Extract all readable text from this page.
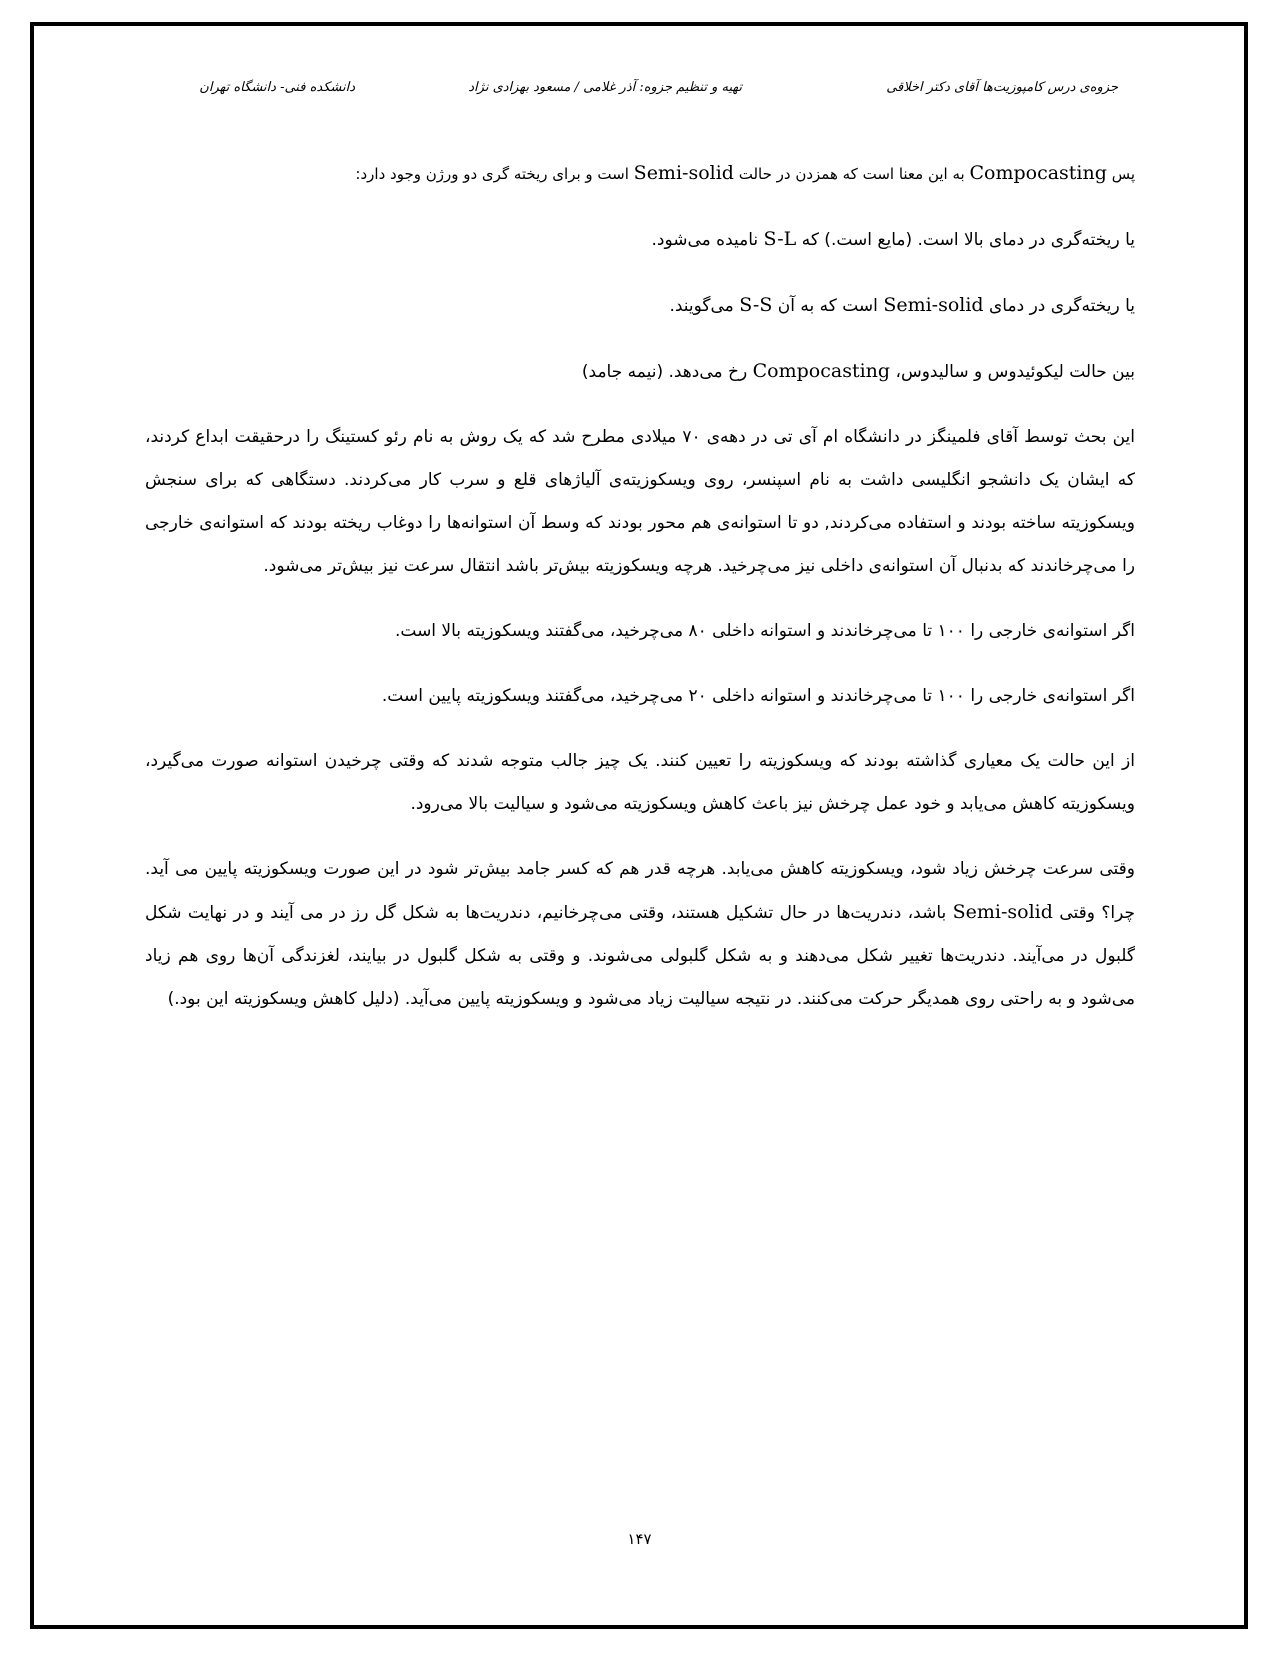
جزوه‌ی درس کامپوزیت‌ها آقای دکتر اخلاقی
تهیه و تنظیم جزوه: آذر غلامی / مسعود بهزادی نژاد
دانشکده فنی- دانشگاه تهران

پس Compocasting به این معنا است که همزدن در حالت Semi-solid است و برای ریخته گری دو ورژن وجود دارد:

یا ریخته‌گری در دمای بالا است. (مایع است.) که S-L نامیده می‌شود.

یا ریخته‌گری در دمای Semi-solid است که به آن S-S می‌گویند.

بین حالت لیکوئیدوس و سالیدوس، Compocasting رخ می‌دهد. (نیمه جامد)

این بحث توسط آقای فلمینگز در دانشگاه ام آی تی در دهه‌ی ۷۰ میلادی مطرح شد که یک روش به نام رئو کستینگ را درحقیقت ابداع کردند، که ایشان یک دانشجو انگلیسی داشت به نام اسپنسر، روی ویسکوزیته‌ی آلیاژهای قلع و سرب کار می‌کردند. دستگاهی که برای سنجش ویسکوزیته ساخته بودند و استفاده می‌کردند, دو تا استوانه‌ی هم محور بودند که وسط آن استوانه‌ها را دوغاب ریخته بودند که استوانه‌ی خارجی را می‌چرخاندند که بدنبال آن استوانه‌ی داخلی نیز می‌چرخید. هرچه ویسکوزیته بیش‌تر باشد انتقال سرعت نیز بیش‌تر می‌شود.

اگر استوانه‌ی خارجی را ۱۰۰ تا می‌چرخاندند و استوانه داخلی ۸۰ می‌چرخید، می‌گفتند ویسکوزیته بالا است.

اگر استوانه‌ی خارجی را ۱۰۰ تا می‌چرخاندند و استوانه داخلی ۲۰ می‌چرخید، می‌گفتند ویسکوزیته پایین است.

از این حالت یک معیاری گذاشته بودند که ویسکوزیته را تعیین کنند. یک چیز جالب متوجه شدند که وقتی چرخیدن استوانه صورت می‌گیرد، ویسکوزیته کاهش می‌یابد و خود عمل چرخش نیز باعث کاهش ویسکوزیته می‌شود و سیالیت بالا می‌رود.

وقتی سرعت چرخش زیاد شود، ویسکوزیته کاهش می‌یابد. هرچه قدر هم که کسر جامد بیش‌تر شود در این صورت ویسکوزیته پایین می آید. چرا؟ وقتی Semi-solid باشد، دندریت‌ها در حال تشکیل هستند، وقتی می‌چرخانیم، دندریت‌ها به شکل گل رز در می آیند و در نهایت شکل گلبول در می‌آیند. دندریت‌ها تغییر شکل می‌دهند و به شکل گلبولی می‌شوند. و وقتی به شکل گلبول در بیایند، لغزندگی آن‌ها روی هم زیاد می‌شود و به راحتی روی همدیگر حرکت می‌کنند. در نتیجه سیالیت زیاد می‌شود و ویسکوزیته پایین می‌آید. (دلیل کاهش ویسکوزیته این بود.)

۱۴۷
